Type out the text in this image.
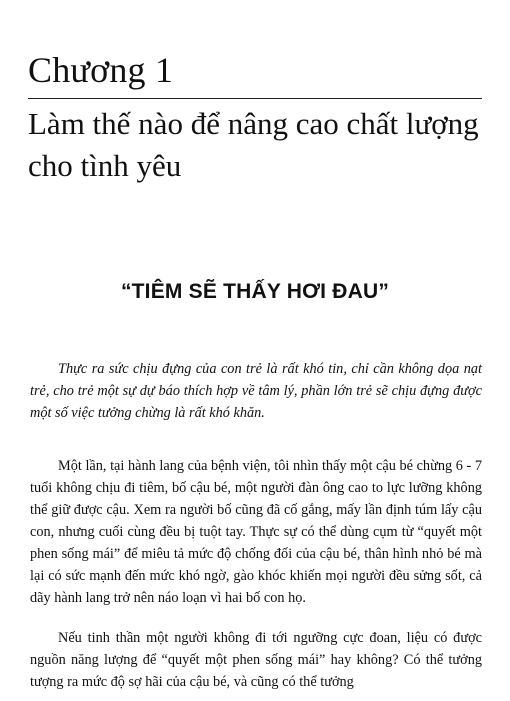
Chương 1
Làm thế nào để nâng cao chất lượng cho tình yêu
“TIÊM SẼ THẤY HƠI ĐAU”

Thực ra sức chịu đựng của con trẻ là rất khó tin, chỉ cần không dọa nạt trẻ, cho trẻ một sự dự báo thích hợp về tâm lý, phần lớn trẻ sẽ chịu đựng được một số việc tưởng chừng là rất khó khăn.

Một lần, tại hành lang của bệnh viện, tôi nhìn thấy một cậu bé chừng 6 - 7 tuổi không chịu đi tiêm, bố cậu bé, một người đàn ông cao to lực lưỡng không thể giữ được cậu. Xem ra người bố cũng đã cố gắng, mấy lần định túm lấy cậu con, nhưng cuối cùng đều bị tuột tay. Thực sự có thể dùng cụm từ “quyết một phen sống mái” để miêu tả mức độ chống đối của cậu bé, thân hình nhỏ bé mà lại có sức mạnh đến mức khó ngờ, gào khóc khiến mọi người đều sửng sốt, cả dãy hành lang trở nên náo loạn vì hai bố con họ.

Nếu tinh thần một người không đi tới ngưỡng cực đoan, liệu có được nguồn năng lượng để “quyết một phen sống mái” hay không? Có thể tưởng tượng ra mức độ sợ hãi của cậu bé, và cũng có thể tưởng
